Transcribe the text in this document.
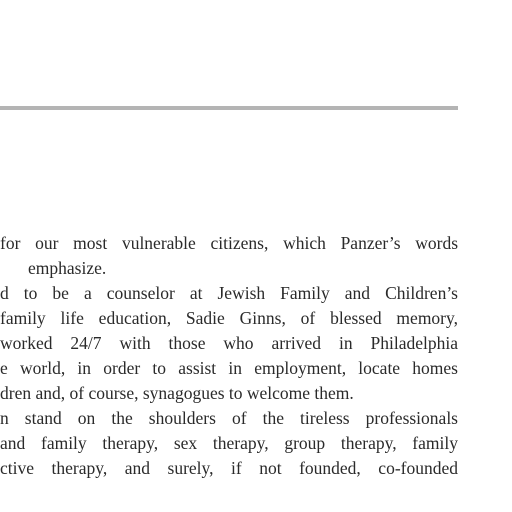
for our most vulnerable citizens, which Panzer’s words
emphasize.
d to be a counselor at Jewish Family and Children’s
family life education, Sadie Ginns, of blessed memory,
worked 24/7 with those who arrived in Philadelphia
e world, in order to assist in employment, locate homes
dren and, of course, synagogues to welcome them.
n stand on the shoulders of the tireless professionals
and family therapy, sex therapy, group therapy, family
ctive therapy, and surely, if not founded, co-founded
